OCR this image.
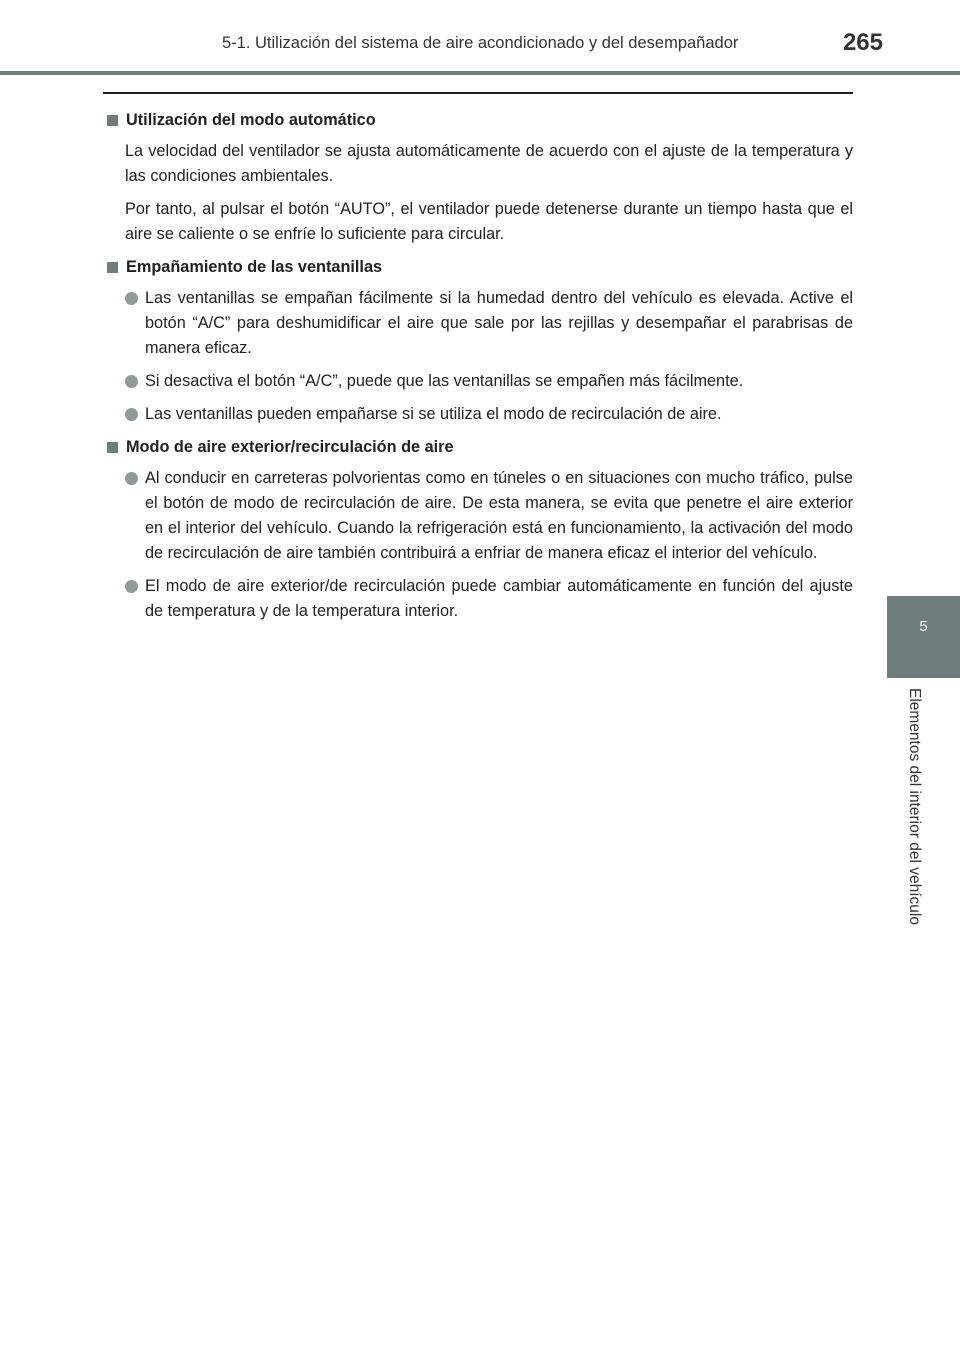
5-1. Utilización del sistema de aire acondicionado y del desempañador	265
5
Elementos del interior del vehículo
Utilización del modo automático
La velocidad del ventilador se ajusta automáticamente de acuerdo con el ajuste de la temperatura y las condiciones ambientales.
Por tanto, al pulsar el botón “AUTO”, el ventilador puede detenerse durante un tiempo hasta que el aire se caliente o se enfríe lo suficiente para circular.
Empañamiento de las ventanillas
Las ventanillas se empañan fácilmente si la humedad dentro del vehículo es elevada. Active el botón “A/C” para deshumidificar el aire que sale por las rejillas y desempañar el parabrisas de manera eficaz.
Si desactiva el botón “A/C”, puede que las ventanillas se empañen más fácilmente.
Las ventanillas pueden empañarse si se utiliza el modo de recirculación de aire.
Modo de aire exterior/recirculación de aire
Al conducir en carreteras polvorientas como en túneles o en situaciones con mucho tráfico, pulse el botón de modo de recirculación de aire. De esta manera, se evita que penetre el aire exterior en el interior del vehículo. Cuando la refrigeración está en funcionamiento, la activación del modo de recirculación de aire también contribuirá a enfriar de manera eficaz el interior del vehículo.
El modo de aire exterior/de recirculación puede cambiar automáticamente en función del ajuste de temperatura y de la temperatura interior.
